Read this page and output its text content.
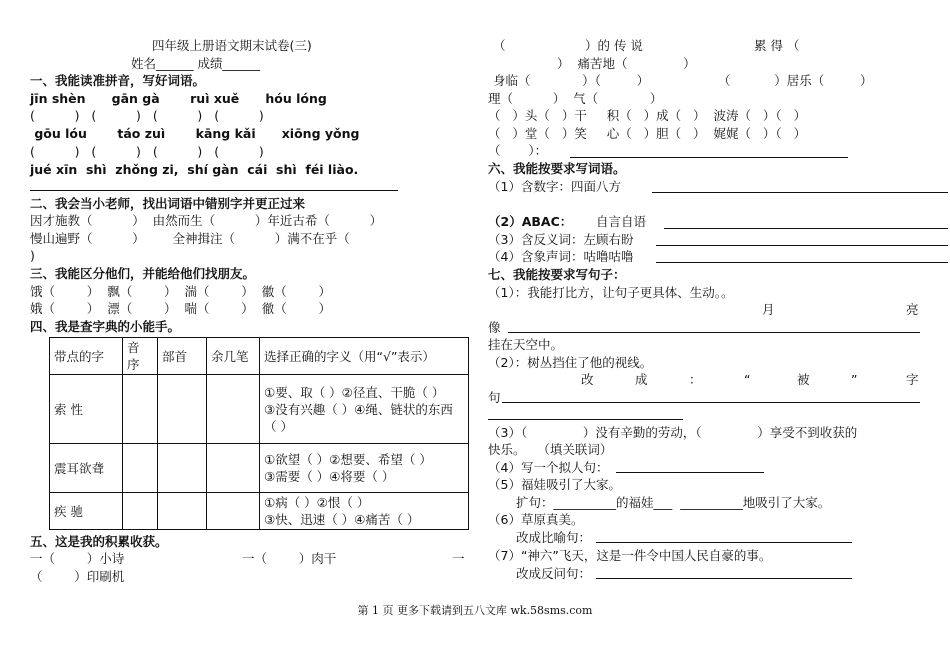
四年级上册语文期末试卷(三)
姓名______ 成绩______
一、我能读准拼音，写好词语。
jīn shèn      gān gà       ruì xuě      hóu lóng
(          )   (          )   (          )   (          )
gōu lóu       táo zuì       kāng kǎi      xiōng yǒng
(          )   (          )   (          )   (          )
jué xīn  shì  zhǒng zi,  shí gàn  cái  shì  féi liào.
二、我会当小老师，找出词语中错别字并更正过来
因才施教（          ）  由然而生（          ）年近古希（          ）
慢山遍野（          ）       全神揖注（          ）满不在乎（
)
三、我能区分他们，并能给他们找朋友。
饿（        ）  飘（        ）  湍（        ）  徽（        ）
娥（        ）  漂（        ）  喘（        ）  徹（        ）
四、我是查字典的小能手。
带点的字	音
序	部首	余几笔	选择正确的字义（用“√”表示）
索 性				①要、取（ ）②径直、干脆（ ）
③没有兴趣（ ）④绳、链状的东西（ ）

震耳欲聋				①欲望（ ）②想要、希望（ ）
③需要（ ）④将要（ ）

疾 驰				①病（ ）②恨（ ）
③快、迅速（ ）④痛苦（ ）
五、这是我的积累收获。
一（        ）小诗	一（        ）肉干	一
（        ）印刷机
（                    ）的 传 说	累 得 （
）  痛苦地（              ）
身临（             ）（         ）	（           ）居乐（         ）
理（          ）  气（             ）
（   ）头（   ）干     积（   ）成（   ）  波涛（   ）（   ）
（   ）堂（   ）笑     心（   ）胆（   ）  娓娓（   ）（   ）
（       ）：
六、我能按要求写词语。
（1）含数字：四面八方
（2）ABAC： 自言自语
（3）含反义词：左顾右盼
（4）含象声词：咕噜咕噜
七、我能按要求写句子：
（1）：我能打比方，让句子更具体、生动。。
月	亮
像
挂在天空中。
（2）：树丛挡住了他的视线。
改	成	：	“	被	”	字
句
（3）（              ）没有辛勤的劳动，（              ）享受不到收获的
快乐。   （填关联词）
（4）写一个拟人句：
（5）福娃吸引了大家。
扩句：__________的福娃___  __________地吸引了大家。
（6）草原真美。
改成比喻句：
（7）“神六”飞天，这是一件令中国人民自豪的事。
改成反问句：
第 1 页 更多下载请到五八文库 wk.58sms.com
